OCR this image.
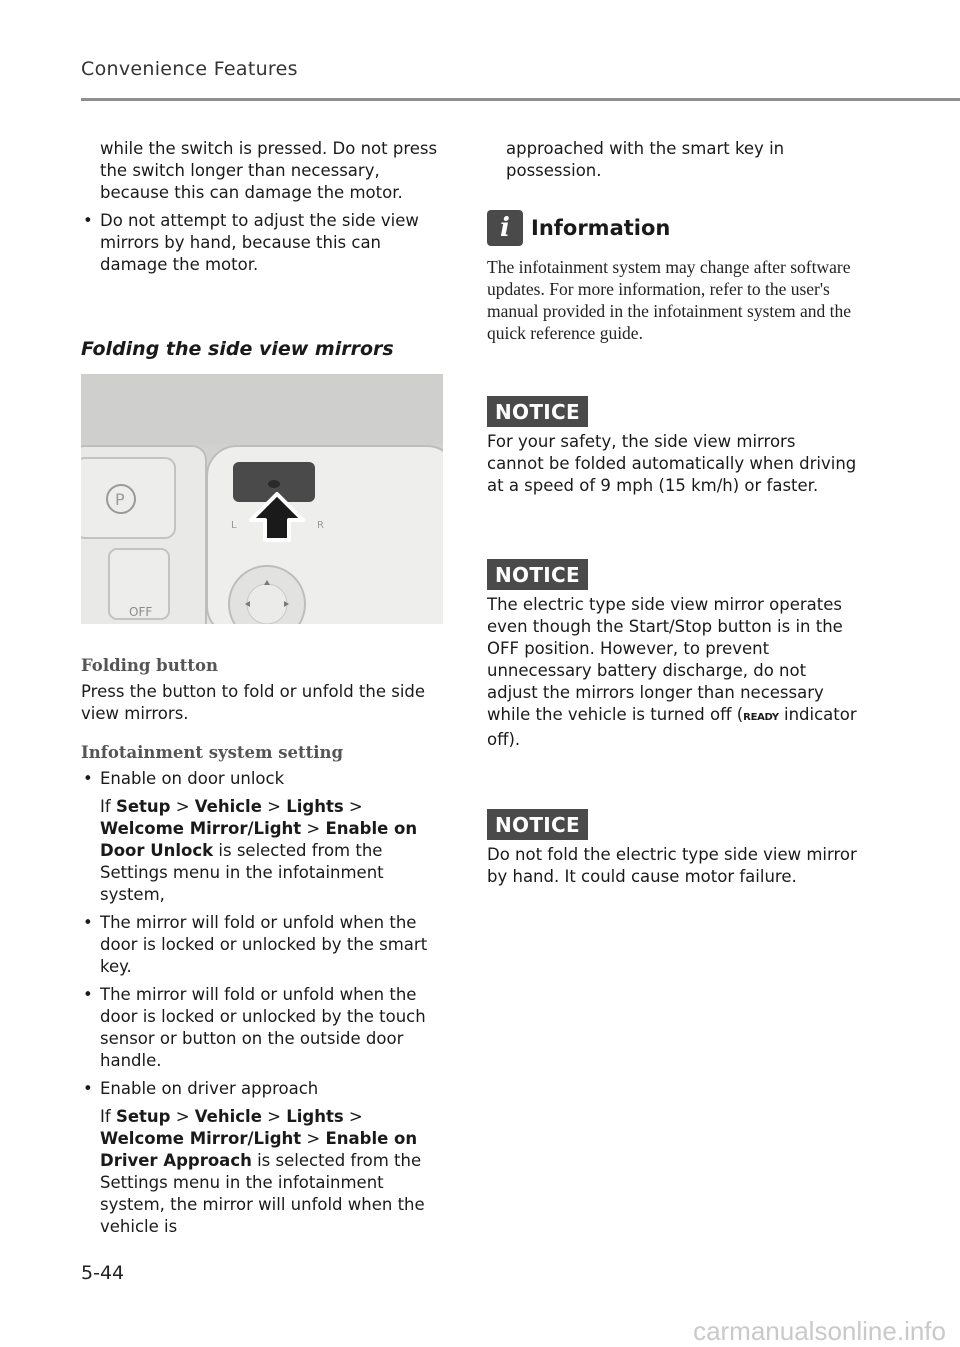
Convenience Features

while the switch is pressed. Do not press the switch longer than necessary, because this can damage the motor.

• Do not attempt to adjust the side view mirrors by hand, because this can damage the motor.

Folding the side view mirrors

P
OFF
L	R

Folding button

Press the button to fold or unfold the side view mirrors.

Infotainment system setting

• Enable on door unlock

If Setup > Vehicle > Lights > Welcome Mirror/Light > Enable on Door Unlock is selected from the Settings menu in the infotainment system,

• The mirror will fold or unfold when the door is locked or unlocked by the smart key.
• The mirror will fold or unfold when the door is locked or unlocked by the touch sensor or button on the outside door handle.
• Enable on driver approach

If Setup > Vehicle > Lights > Welcome Mirror/Light > Enable on Driver Approach is selected from the Settings menu in the infotainment system, the mirror will unfold when the vehicle is

approached with the smart key in possession.

i Information

The infotainment system may change after software updates. For more information, refer to the user's manual provided in the infotainment system and the quick reference guide.

NOTICE

For your safety, the side view mirrors cannot be folded automatically when driving at a speed of 9 mph (15 km/h) or faster.

NOTICE

The electric type side view mirror operates even though the Start/Stop button is in the OFF position. However, to prevent unnecessary battery discharge, do not adjust the mirrors longer than necessary while the vehicle is turned off (READY indicator off).

NOTICE

Do not fold the electric type side view mirror by hand. It could cause motor failure.

5-44
carmanualsonline.info
